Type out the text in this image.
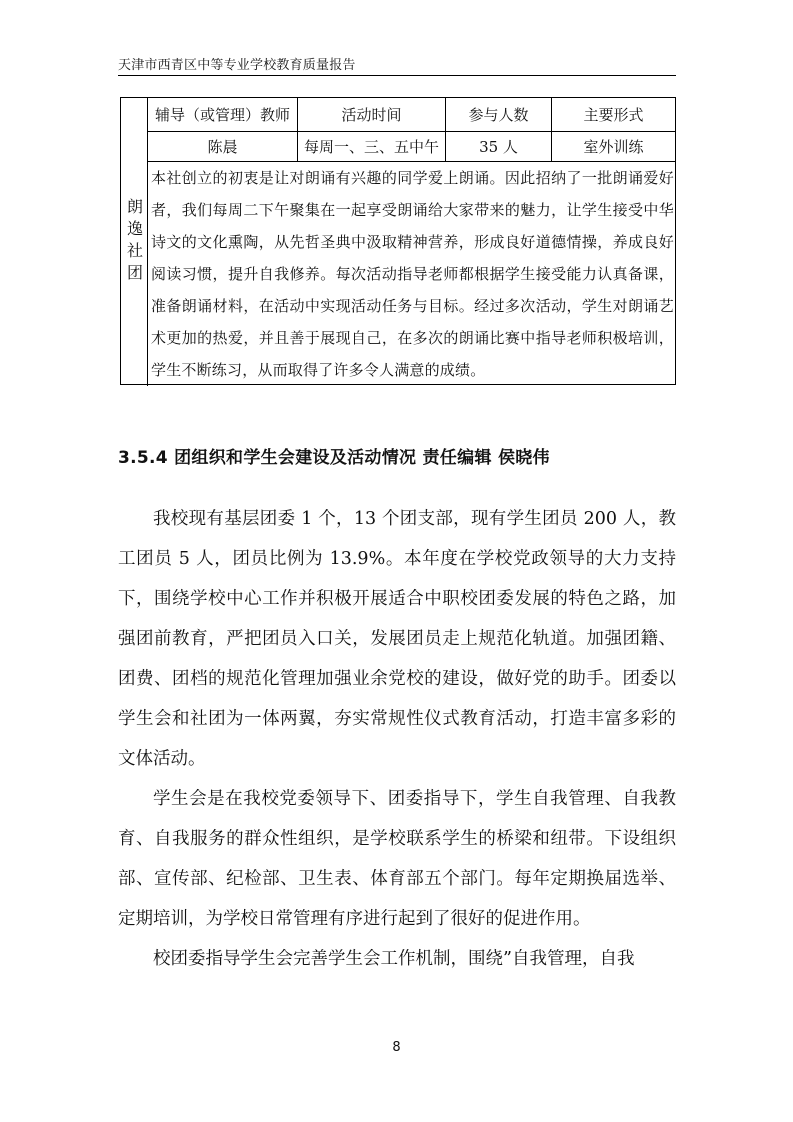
天津市西青区中等专业学校教育质量报告
朗逸社团
辅导（或管理）教师	活动时间	参与人数	主要形式
陈晨	每周一、三、五中午	35 人	室外训练
本社创立的初衷是让对朗诵有兴趣的同学爱上朗诵。因此招纳了一批朗诵爱好者，我们每周二下午聚集在一起享受朗诵给大家带来的魅力，让学生接受中华诗文的文化熏陶，从先哲圣典中汲取精神营养，形成良好道德情操，养成良好阅读习惯，提升自我修养。每次活动指导老师都根据学生接受能力认真备课，准备朗诵材料，在活动中实现活动任务与目标。经过多次活动，学生对朗诵艺术更加的热爱，并且善于展现自己，在多次的朗诵比赛中指导老师积极培训，学生不断练习，从而取得了许多令人满意的成绩。
3.5.4 团组织和学生会建设及活动情况 责任编辑 侯晓伟

我校现有基层团委 1 个，13 个团支部，现有学生团员 200 人，教工团员 5 人，团员比例为 13.9%。本年度在学校党政领导的大力支持下，围绕学校中心工作并积极开展适合中职校团委发展的特色之路，加强团前教育，严把团员入口关，发展团员走上规范化轨道。加强团籍、团费、团档的规范化管理加强业余党校的建设，做好党的助手。团委以学生会和社团为一体两翼，夯实常规性仪式教育活动，打造丰富多彩的文体活动。

学生会是在我校党委领导下、团委指导下，学生自我管理、自我教育、自我服务的群众性组织，是学校联系学生的桥梁和纽带。下设组织部、宣传部、纪检部、卫生表、体育部五个部门。每年定期换届选举、定期培训，为学校日常管理有序进行起到了很好的促进作用。

校团委指导学生会完善学生会工作机制，围绕”自我管理，自我

8
